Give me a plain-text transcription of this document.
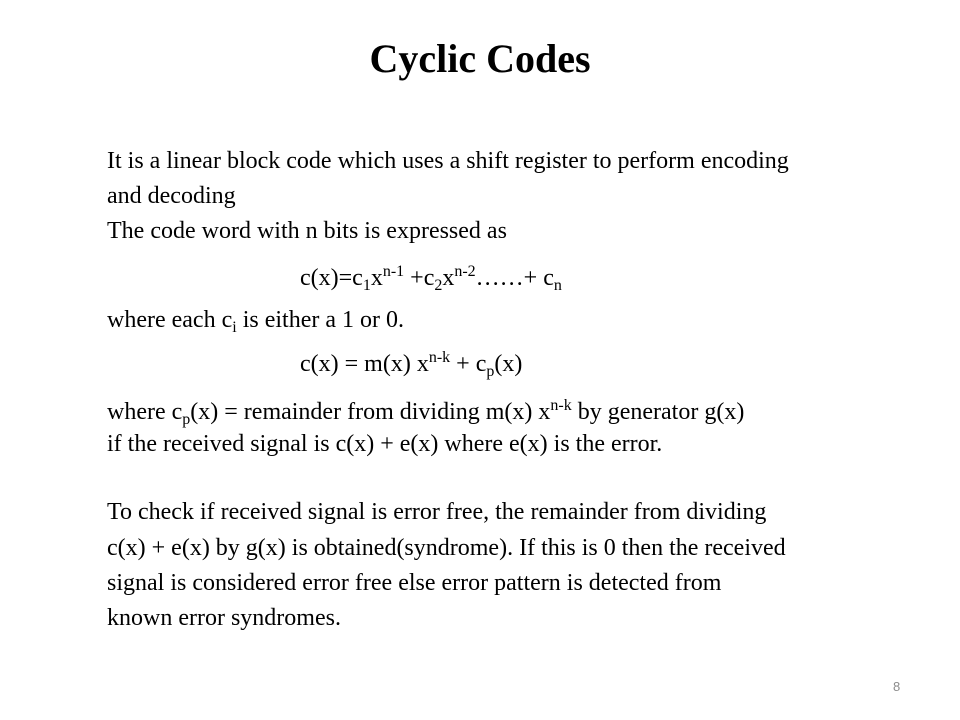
Cyclic Codes
It is a linear block code which uses a shift register to perform encoding
and decoding
The code word with n bits is expressed as
$c(x)=c_1x^{n-1}$ $+c_2x^{n-2}\dots\dots+ c_n$
where each $c_i$ is either a 1 or 0.
c(x) = m(x) $x^{n-k} + c_p(x)$
where $c_p(x)$ = remainder from dividing m(x) $x^{n-k}$ by generator g(x)
if the received signal is c(x) + e(x) where e(x) is the error.
To check if received signal is error free, the remainder from dividing
c(x) + e(x) by g(x) is obtained(syndrome). If this is 0 then the received
signal is considered error free else error pattern is detected from
known error syndromes.
8
